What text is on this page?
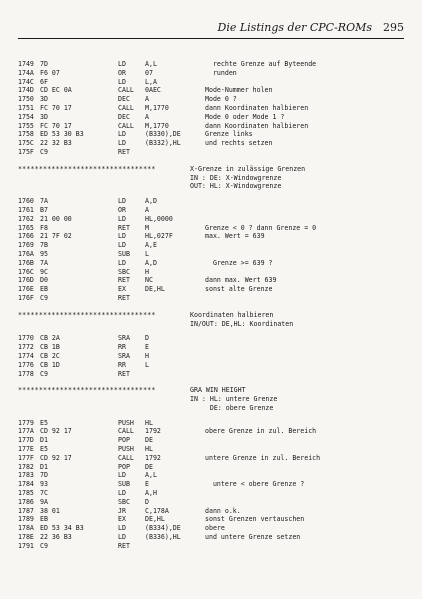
Die Listings der CPC-ROMs 295
1749 7D	LD	A,L	rechte Grenze auf Byteende
174A F6 07	OR	07	runden
174C 6F	LD	L,A
174D CD EC 0A	CALL 0AEC	Mode-Nummer holen
1750 3D	DEC A	Mode 0 ?
1751 FC 70 17	CALL M,1770	dann Koordinaten halbieren
1754 3D	DEC A	Mode 0 oder Mode 1 ?
1755 FC 70 17	CALL M,1770	dann Koordinaten halbieren
1758 ED 53 30 B3	LD	(B330),DE	Grenze links
175C 22 32 B3	LD	(B332),HL	und rechts setzen
175F C9	RET
*********************************	X-Grenze in zulässige Grenzen
IN : DE: X-Windowgrenze
OUT: HL: X-Windowgrenze
1760 7A	LD	A,D
1761 B7	OR	A
1762 21 00 00	LD	HL,0000
1765 F8	RET M	Grenze < 0 ? dann Grenze = 0
1766 21 7F 02	LD	HL,027F	max. Wert = 639
1769 7B	LD	A,E
176A 95	SUB L
176B 7A	LD	A,D	Grenze >= 639 ?
176C 9C	SBC H
176D D0	RET NC	dann max. Wert 639
176E EB	EX	DE,HL	sonst alte Grenze
176F C9	RET
*********************************	Koordinaten halbieren
IN/OUT: DE,HL: Koordinaten
1770 CB 2A	SRA D
1772 CB 1B	RR	E
1774 CB 2C	SRA H
1776 CB 1D	RR	L
1778 C9	RET
*********************************	GRA WIN HEIGHT
IN : HL: untere Grenze
DE: obere Grenze
1779 E5	PUSH HL
177A CD 92 17	CALL 1792	obere Grenze in zul. Bereich
177D D1	POP DE
177E E5	PUSH HL
177F CD 92 17	CALL 1792	untere Grenze in zul. Bereich
1782 D1	POP DE
1783 7D	LD	A,L
1784 93	SUB E	untere < obere Grenze ?
1785 7C	LD	A,H
1786 9A	SBC D
1787 38 01	JR	C,178A	dann o.k.
1789 EB	EX	DE,HL	sonst Grenzen vertauschen
178A ED 53 34 B3	LD	(B334),DE	obere
178E 22 36 B3	LD	(B336),HL	und untere Grenze setzen
1791 C9	RET
